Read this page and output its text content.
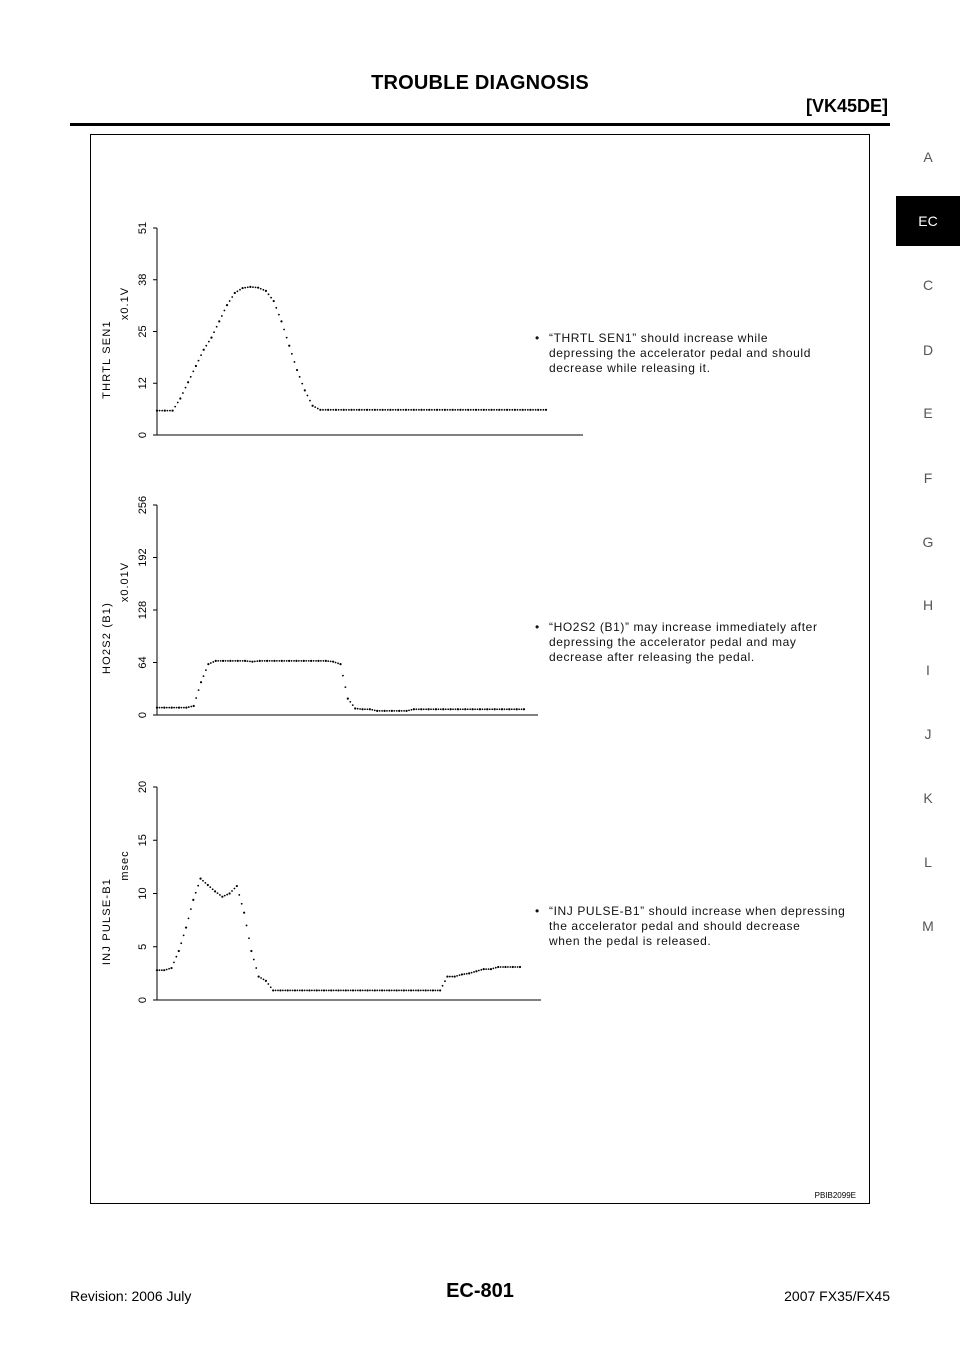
TROUBLE DIAGNOSIS
[VK45DE]
A
EC
C
D
E
F
G
H
I
J
K
L
M
0
12
25
38
51
x0.1V
THRTL SEN1
0
64
128
192
256
x0.01V
HO2S2 (B1)
0
5
10
15
20
msec
INJ PULSE-B1
• “THRTL SEN1” should increase while
depressing the accelerator pedal and should
decrease while releasing it.
• “HO2S2 (B1)” may increase immediately after
depressing the accelerator pedal and may
decrease after releasing the pedal.
• “INJ PULSE-B1” should increase when depressing
the accelerator pedal and should decrease
when the pedal is released.
PBIB2099E
Revision: 2006 July	EC-801	2007 FX35/FX45
